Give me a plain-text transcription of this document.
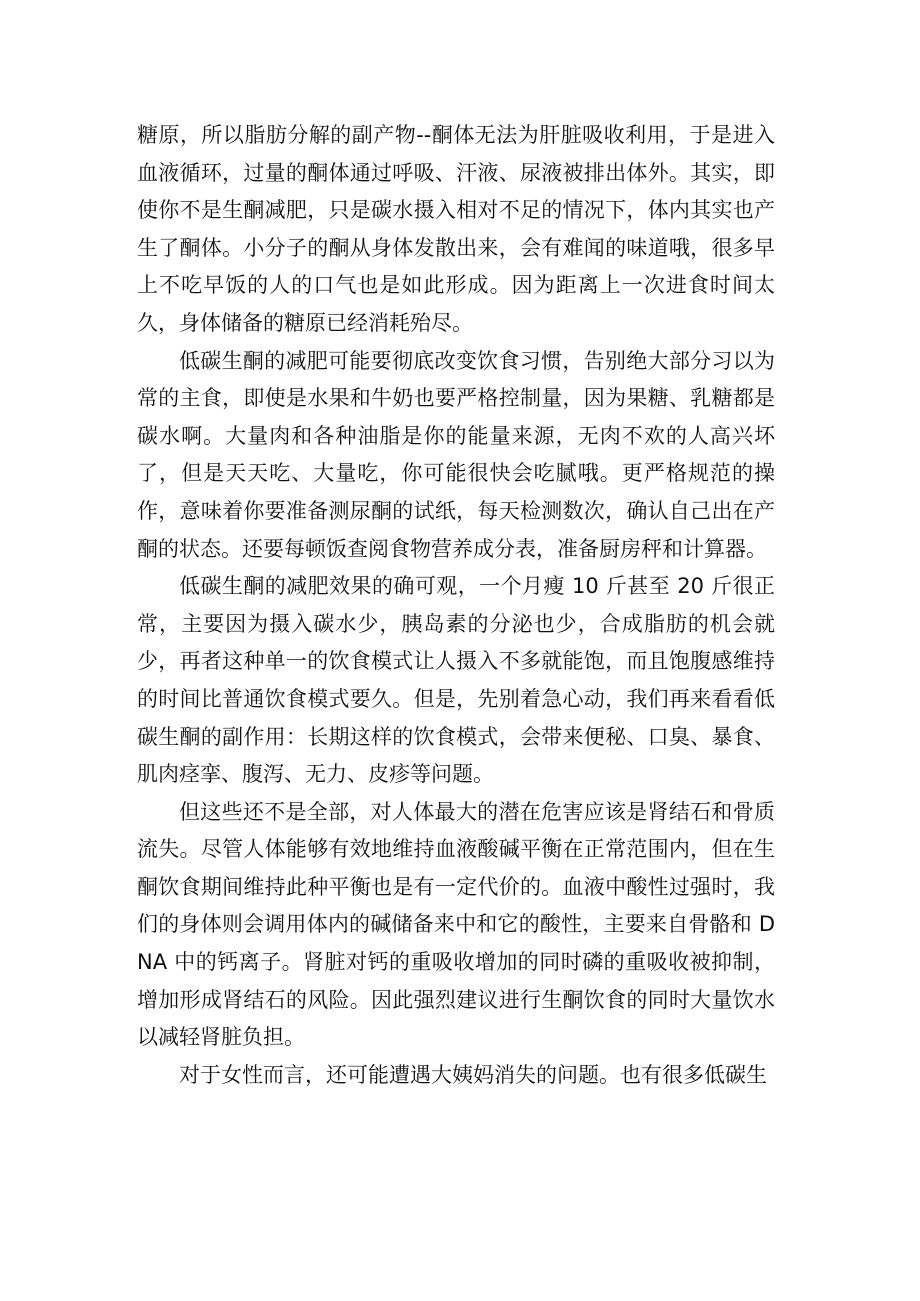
糖原，所以脂肪分解的副产物--酮体无法为肝脏吸收利用，于是进入血液循环，过量的酮体通过呼吸、汗液、尿液被排出体外。其实，即使你不是生酮减肥，只是碳水摄入相对不足的情况下，体内其实也产生了酮体。小分子的酮从身体发散出来，会有难闻的味道哦，很多早上不吃早饭的人的口气也是如此形成。因为距离上一次进食时间太久，身体储备的糖原已经消耗殆尽。

低碳生酮的减肥可能要彻底改变饮食习惯，告别绝大部分习以为常的主食，即使是水果和牛奶也要严格控制量，因为果糖、乳糖都是碳水啊。大量肉和各种油脂是你的能量来源，无肉不欢的人高兴坏了，但是天天吃、大量吃，你可能很快会吃腻哦。更严格规范的操作，意味着你要准备测尿酮的试纸，每天检测数次，确认自己出在产酮的状态。还要每顿饭查阅食物营养成分表，准备厨房秤和计算器。

低碳生酮的减肥效果的确可观，一个月瘦 10 斤甚至 20 斤很正常，主要因为摄入碳水少，胰岛素的分泌也少，合成脂肪的机会就少，再者这种单一的饮食模式让人摄入不多就能饱，而且饱腹感维持的时间比普通饮食模式要久。但是，先别着急心动，我们再来看看低碳生酮的副作用：长期这样的饮食模式，会带来便秘、口臭、暴食、肌肉痉挛、腹泻、无力、皮疹等问题。

但这些还不是全部，对人体最大的潜在危害应该是肾结石和骨质流失。尽管人体能够有效地维持血液酸碱平衡在正常范围内，但在生酮饮食期间维持此种平衡也是有一定代价的。血液中酸性过强时，我们的身体则会调用体内的碱储备来中和它的酸性，主要来自骨骼和 DNA 中的钙离子。肾脏对钙的重吸收增加的同时磷的重吸收被抑制，增加形成肾结石的风险。因此强烈建议进行生酮饮食的同时大量饮水以减轻肾脏负担。

对于女性而言，还可能遭遇大姨妈消失的问题。也有很多低碳生
